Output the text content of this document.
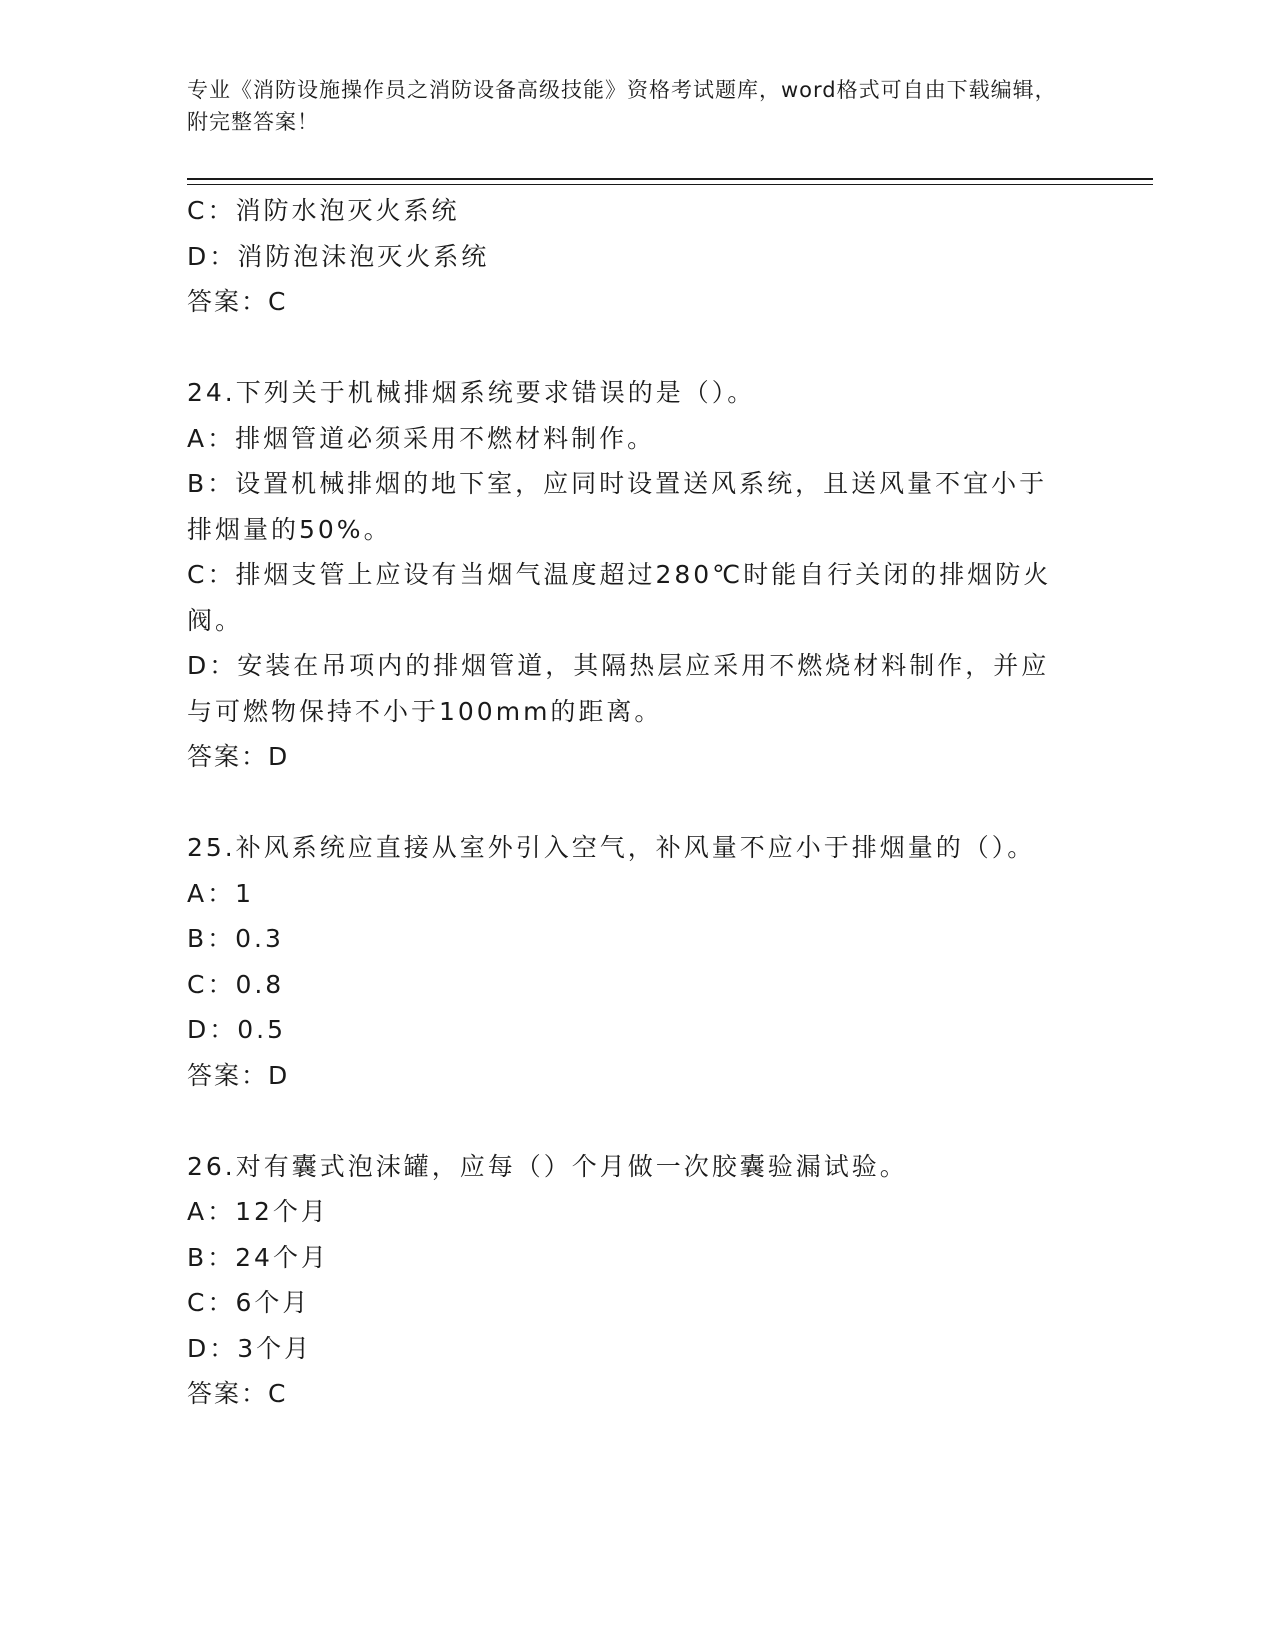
专业《消防设施操作员之消防设备高级技能》资格考试题库，word格式可自由下载编辑，附完整答案！
C：消防水泡灭火系统
D：消防泡沫泡灭火系统
答案：C
24.下列关于机械排烟系统要求错误的是（）。
A：排烟管道必须采用不燃材料制作。
B：设置机械排烟的地下室，应同时设置送风系统，且送风量不宜小于排烟量的50%。
C：排烟支管上应设有当烟气温度超过280℃时能自行关闭的排烟防火阀。
D：安装在吊项内的排烟管道，其隔热层应采用不燃烧材料制作，并应与可燃物保持不小于100mm的距离。
答案：D
25.补风系统应直接从室外引入空气，补风量不应小于排烟量的（）。
A：1
B：0.3
C：0.8
D：0.5
答案：D
26.对有囊式泡沫罐，应每（）个月做一次胶囊验漏试验。
A：12个月
B：24个月
C：6个月
D：3个月
答案：C
